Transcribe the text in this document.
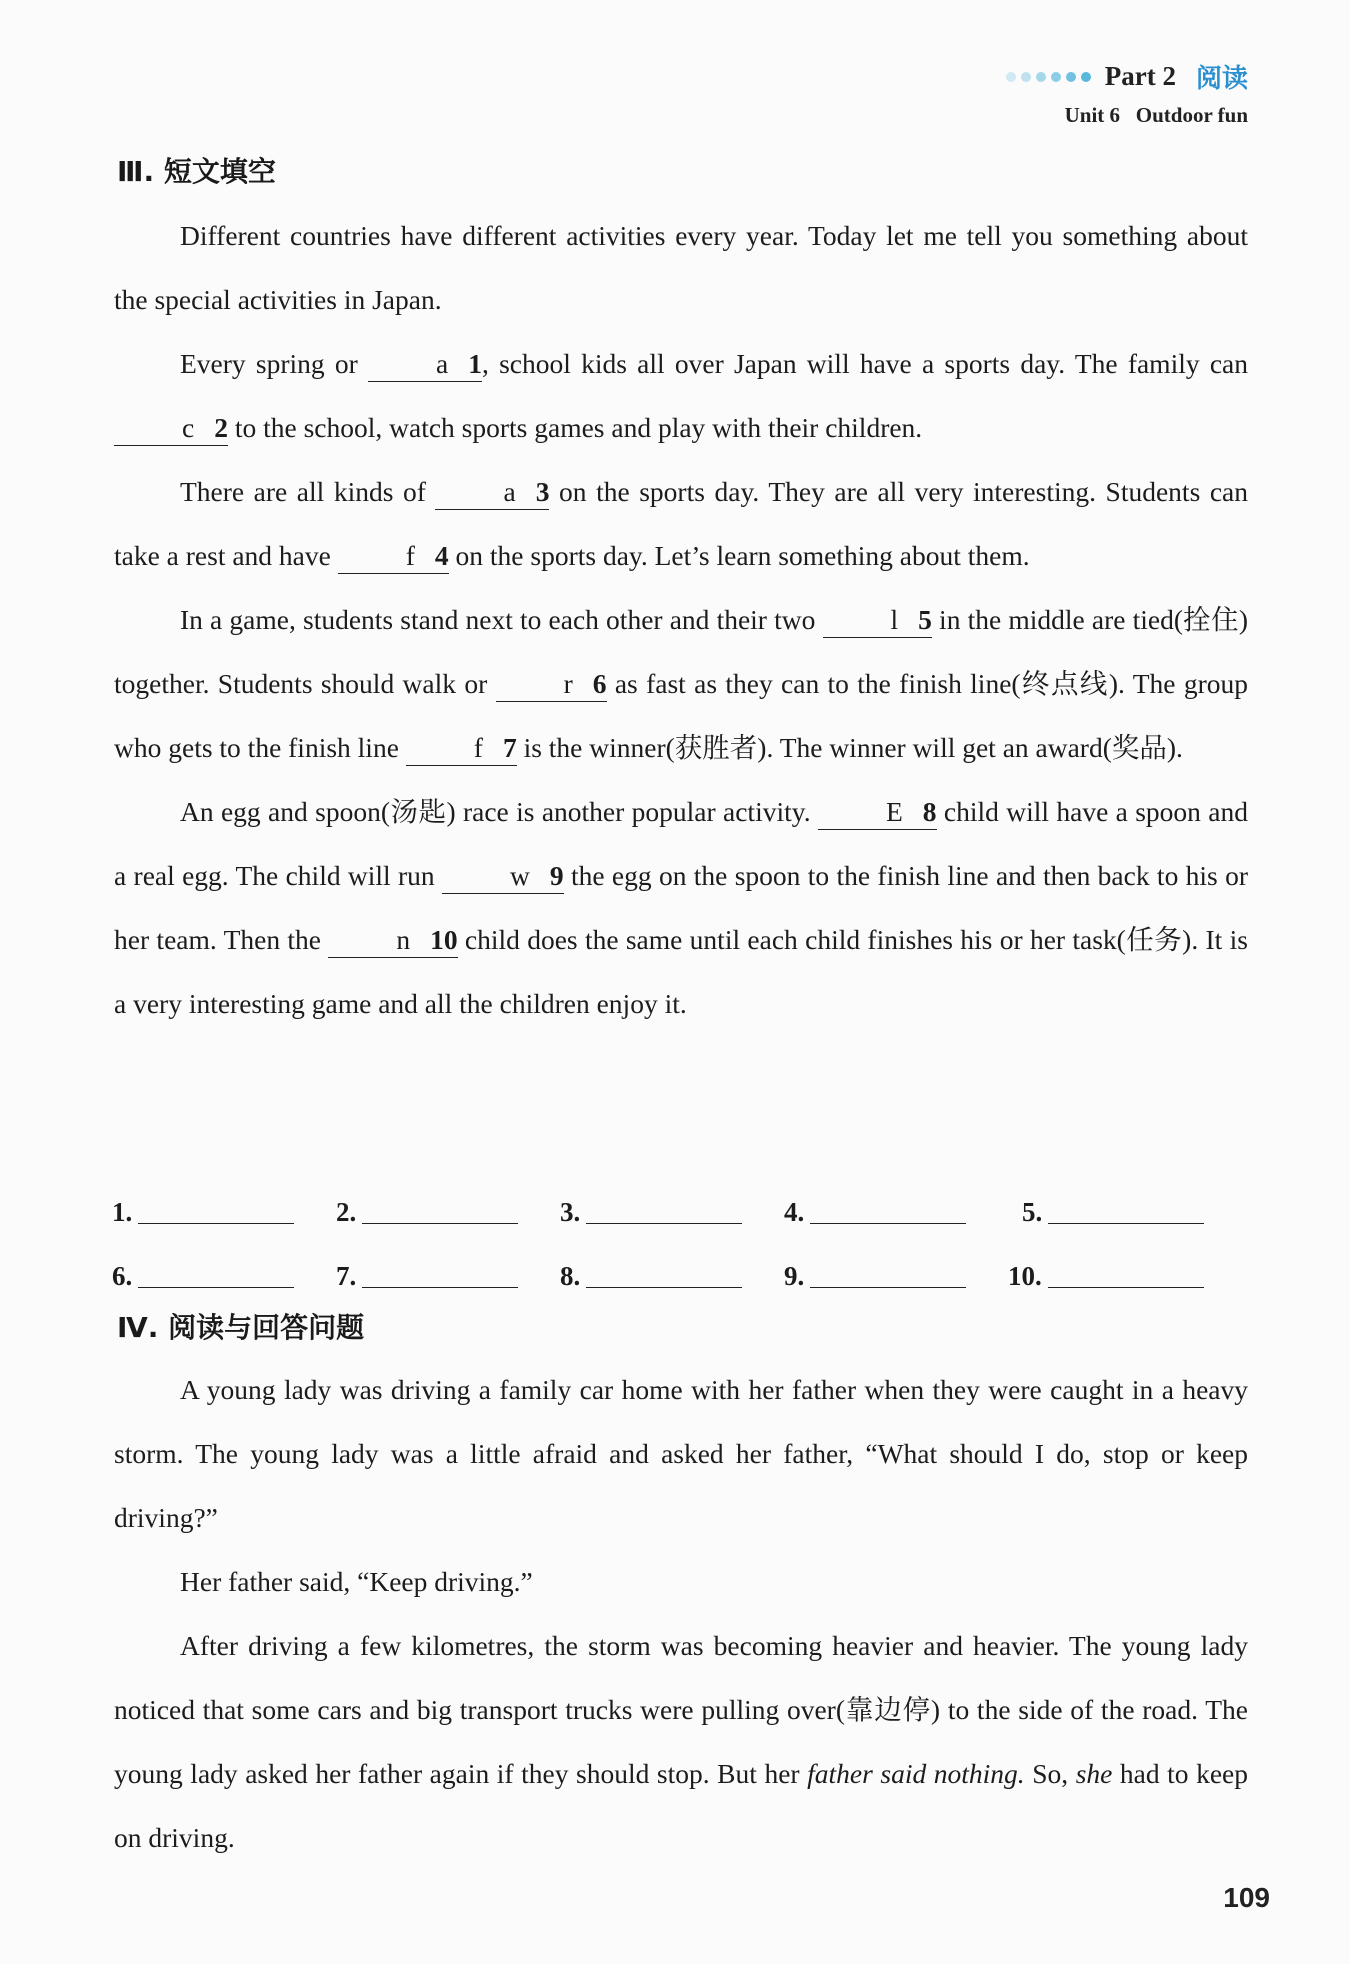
Part 2 阅读
Unit 6   Outdoor fun
Ⅲ. 短文填空

Different countries have different activities every year. Today let me tell you something about the special activities in Japan.

Every spring or a 1, school kids all over Japan will have a sports day. The family can c 2 to the school, watch sports games and play with their children.

There are all kinds of a 3 on the sports day. They are all very interesting. Students can take a rest and have f 4 on the sports day. Let’s learn something about them.

In a game, students stand next to each other and their two l 5 in the middle are tied(拴住) together. Students should walk or r 6 as fast as they can to the finish line(终点线). The group who gets to the finish line f 7 is the winner(获胜者). The winner will get an award(奖品).

An egg and spoon(汤匙) race is another popular activity. E 8 child will have a spoon and a real egg. The child will run w 9 the egg on the spoon to the finish line and then back to his or her team. Then the n 10 child does the same until each child finishes his or her task(任务). It is a very interesting game and all the children enjoy it.

1.	2.	3.	4.	5.
6.	7.	8.	9.	10.
Ⅳ. 阅读与回答问题

A young lady was driving a family car home with her father when they were caught in a heavy storm. The young lady was a little afraid and asked her father, “What should I do, stop or keep driving?”

Her father said, “Keep driving.”

After driving a few kilometres, the storm was becoming heavier and heavier. The young lady noticed that some cars and big transport trucks were pulling over(靠边停) to the side of the road. The young lady asked her father again if they should stop. But her father said nothing. So, she had to keep on driving.

109
